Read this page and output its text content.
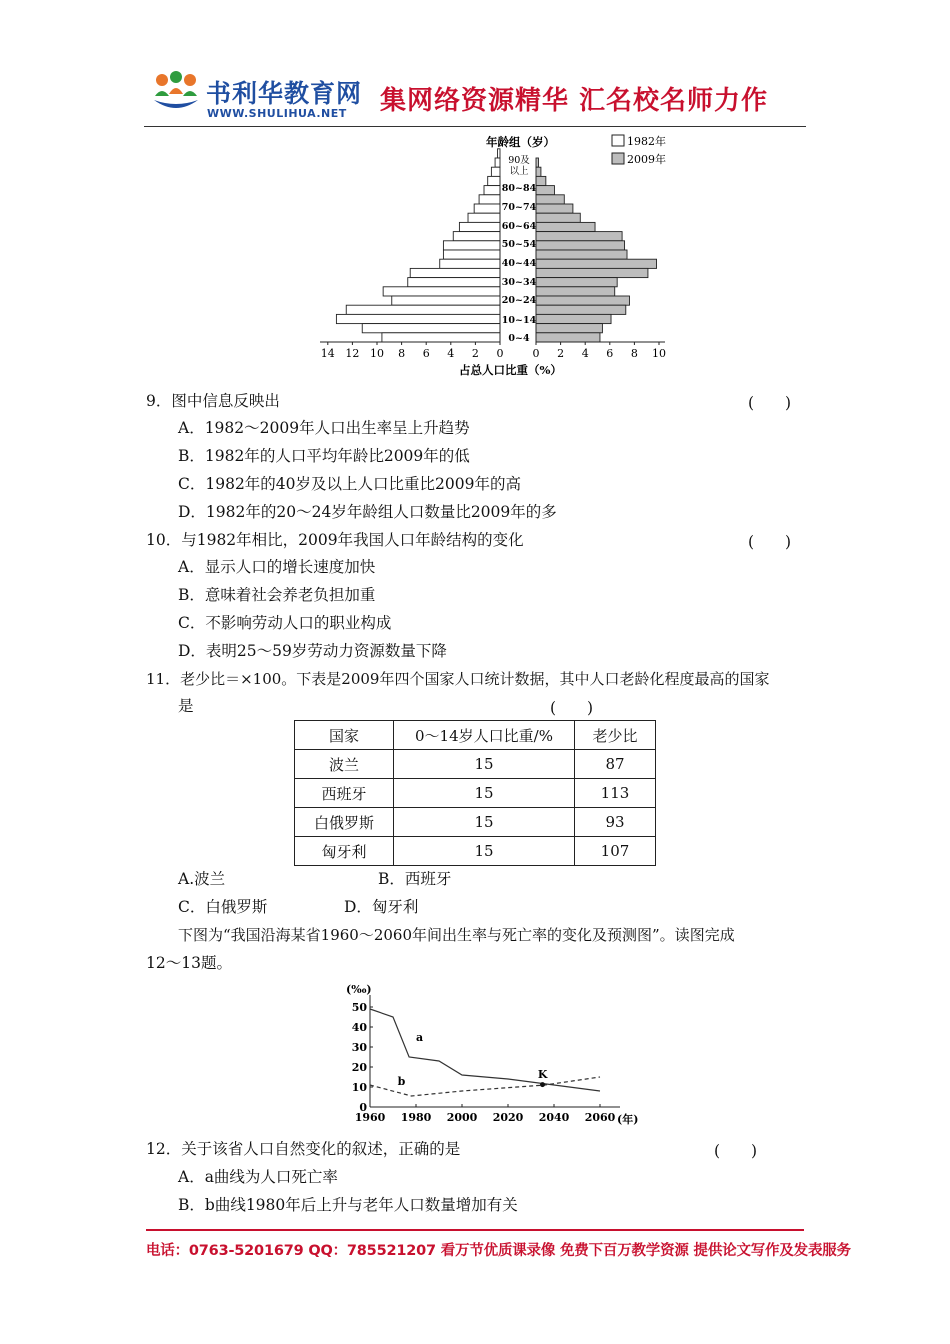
书利华教育网
WWW.SHULIHUA.NET 集网络资源精华 汇名校名师力作
14 12 10 8 6 4 2 0	0 2 4 6 8 10
80~84
70~74
60~64
50~54
40~44
30~34
20~24
10~14
0~4
年龄组（岁）	1982年
2009年
90及
以上
占总人口比重（%）
9．图中信息反映出	(　　)
A．1982～2009年人口出生率呈上升趋势
B．1982年的人口平均年龄比2009年的低
C．1982年的40岁及以上人口比重比2009年的高
D．1982年的20～24岁年龄组人口数量比2009年的多
10．与1982年相比，2009年我国人口年龄结构的变化	(　　)
A．显示人口的增长速度加快
B．意味着社会养老负担加重
C．不影响劳动人口的职业构成
D．表明25～59岁劳动力资源数量下降
11．老少比＝×100。下表是2009年四个国家人口统计数据，其中人口老龄化程度最高的国家
是	(　　)
国家	0～14岁人口比重/%	老少比
波兰	15	87
西班牙	15	113
白俄罗斯	15	93
匈牙利	15	107
A.波兰	B．西班牙
C．白俄罗斯	D．匈牙利
下图为“我国沿海某省1960～2060年间出生率与死亡率的变化及预测图”。读图完成
12～13题。
0
10
20
30
40
50
1960 1980 2000 2020 2040 2060
(‰)
(年)
a
b
K
12．关于该省人口自然变化的叙述，正确的是	(　　)
A．a曲线为人口死亡率
B．b曲线1980年后上升与老年人口数量增加有关
电话：0763-5201679 QQ：785521207 看万节优质课录像 免费下百万教学资源 提供论文写作及发表服务
